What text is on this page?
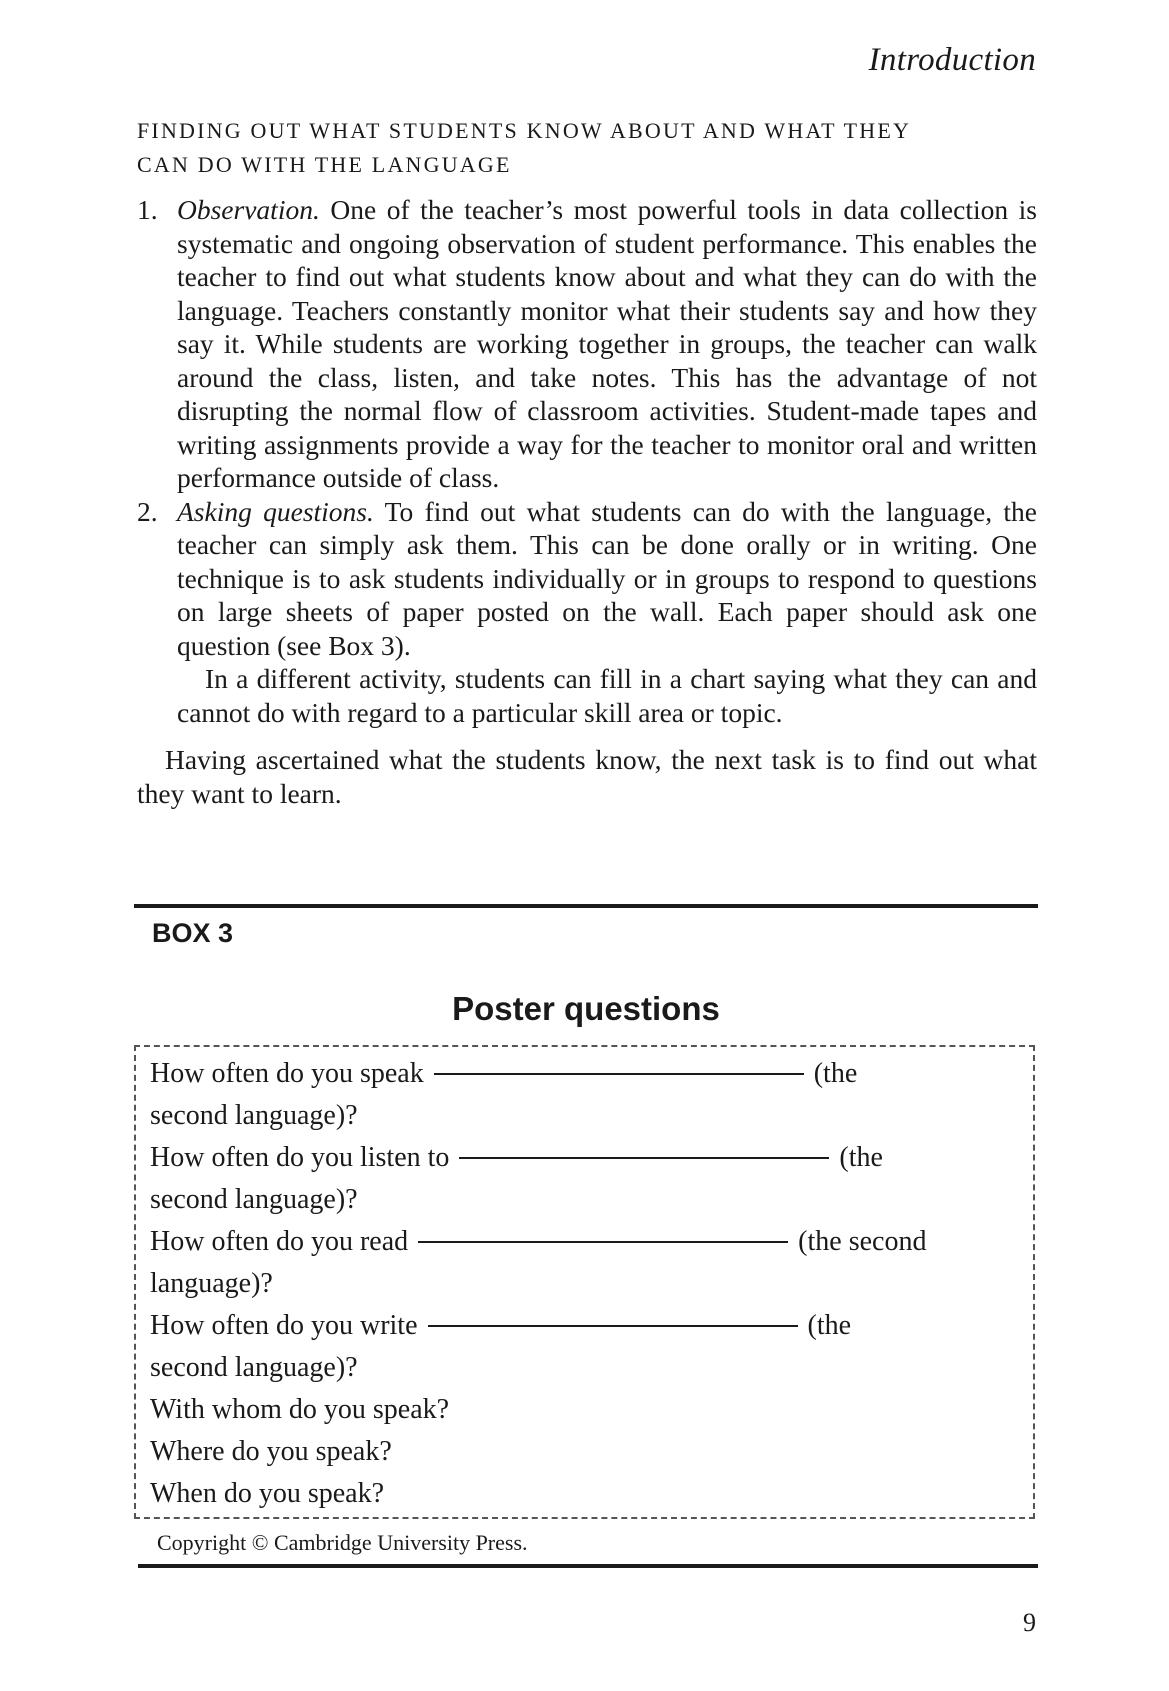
Introduction
FINDING OUT WHAT STUDENTS KNOW ABOUT AND WHAT THEY
CAN DO WITH THE LANGUAGE
1. Observation. One of the teacher’s most powerful tools in data collection is systematic and ongoing observation of student performance. This enables the teacher to find out what students know about and what they can do with the language. Teachers constantly monitor what their students say and how they say it. While students are working together in groups, the teacher can walk around the class, listen, and take notes. This has the advantage of not disrupting the normal flow of classroom activities. Student-made tapes and writing assignments provide a way for the teacher to monitor oral and written performance outside of class.
2. Asking questions. To find out what students can do with the language, the teacher can simply ask them. This can be done orally or in writing. One technique is to ask students individually or in groups to respond to questions on large sheets of paper posted on the wall. Each paper should ask one question (see Box 3).
In a different activity, students can fill in a chart saying what they can and cannot do with regard to a particular skill area or topic.
Having ascertained what the students know, the next task is to find out what they want to learn.
BOX 3
Poster questions
How often do you speak	(the
second language)?
How often do you listen to	(the
second language)?
How often do you read	(the second
language)?
How often do you write	(the
second language)?
With whom do you speak?
Where do you speak?
When do you speak?
Copyright © Cambridge University Press.
9
